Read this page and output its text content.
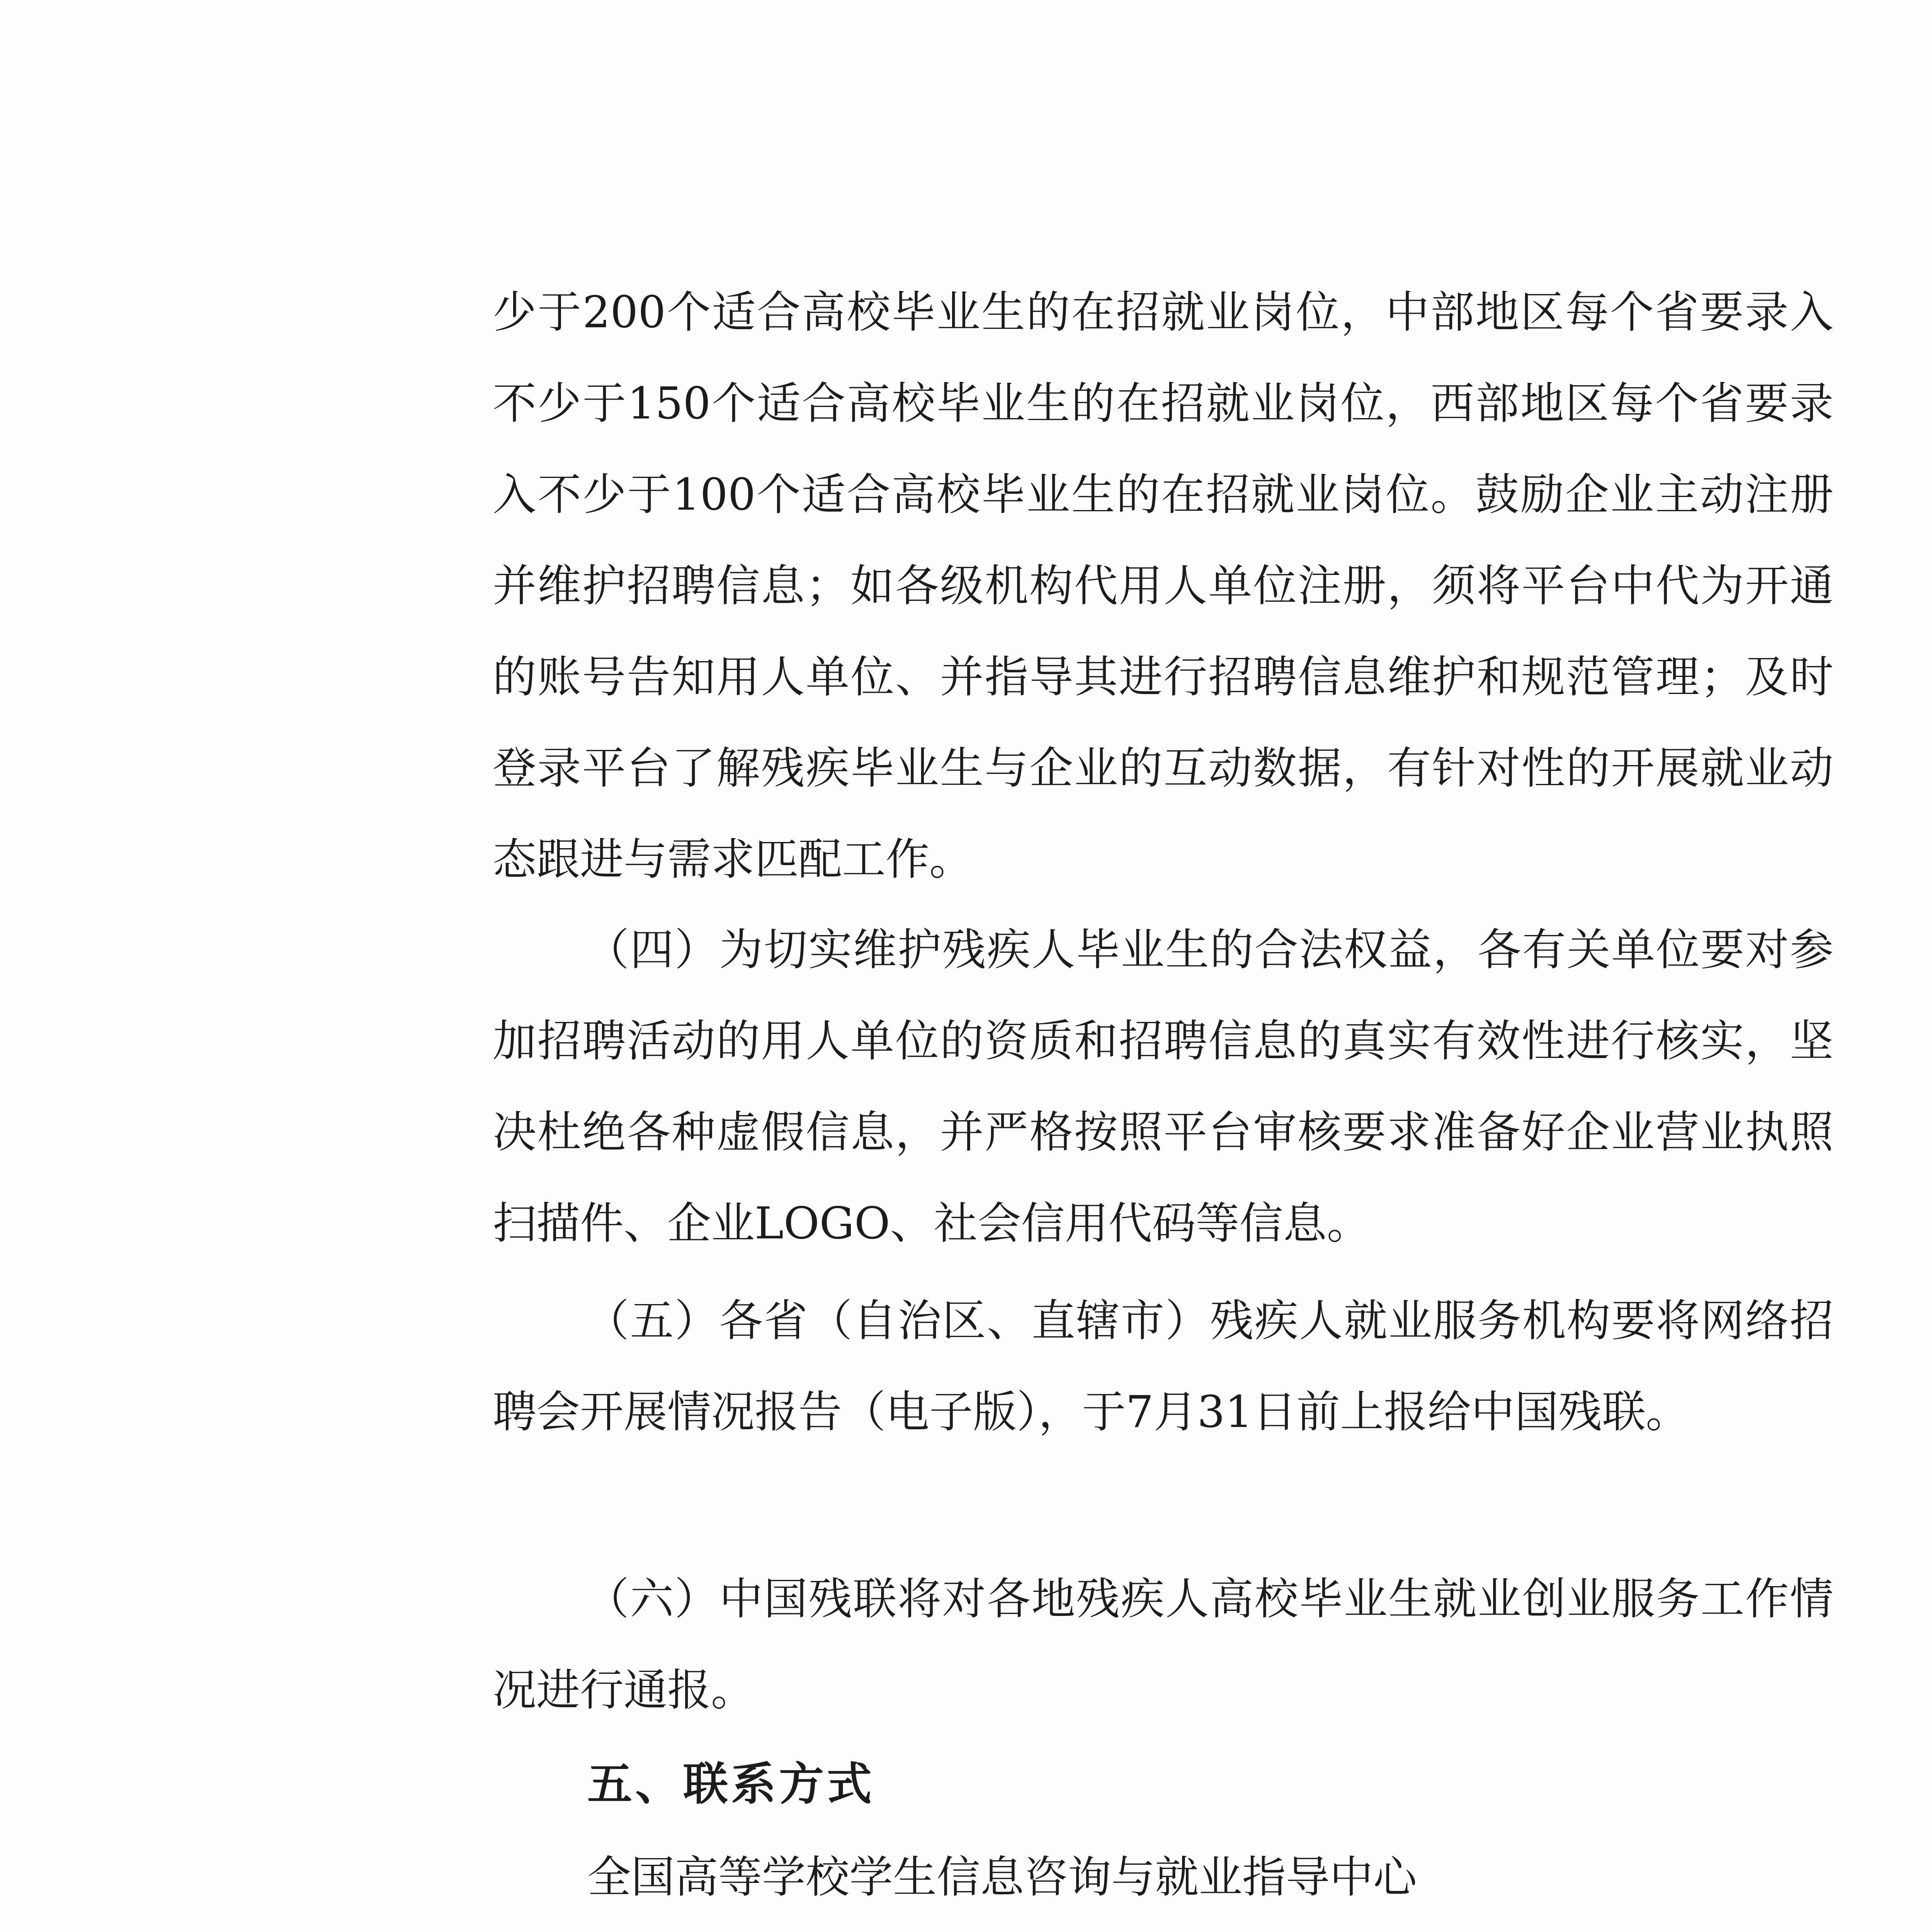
少于200个适合高校毕业生的在招就业岗位，中部地区每个省要录入不少于150个适合高校毕业生的在招就业岗位，西部地区每个省要录入不少于100个适合高校毕业生的在招就业岗位。鼓励企业主动注册并维护招聘信息；如各级机构代用人单位注册，须将平台中代为开通的账号告知用人单位、并指导其进行招聘信息维护和规范管理；及时登录平台了解残疾毕业生与企业的互动数据，有针对性的开展就业动态跟进与需求匹配工作。
（四）为切实维护残疾人毕业生的合法权益，各有关单位要对参加招聘活动的用人单位的资质和招聘信息的真实有效性进行核实，坚决杜绝各种虚假信息，并严格按照平台审核要求准备好企业营业执照扫描件、企业LOGO、社会信用代码等信息。
（五）各省（自治区、直辖市）残疾人就业服务机构要将网络招聘会开展情况报告（电子版），于7月31日前上报给中国残联。
（六）中国残联将对各地残疾人高校毕业生就业创业服务工作情况进行通报。
五、联系方式
全国高等学校学生信息咨询与就业指导中心
